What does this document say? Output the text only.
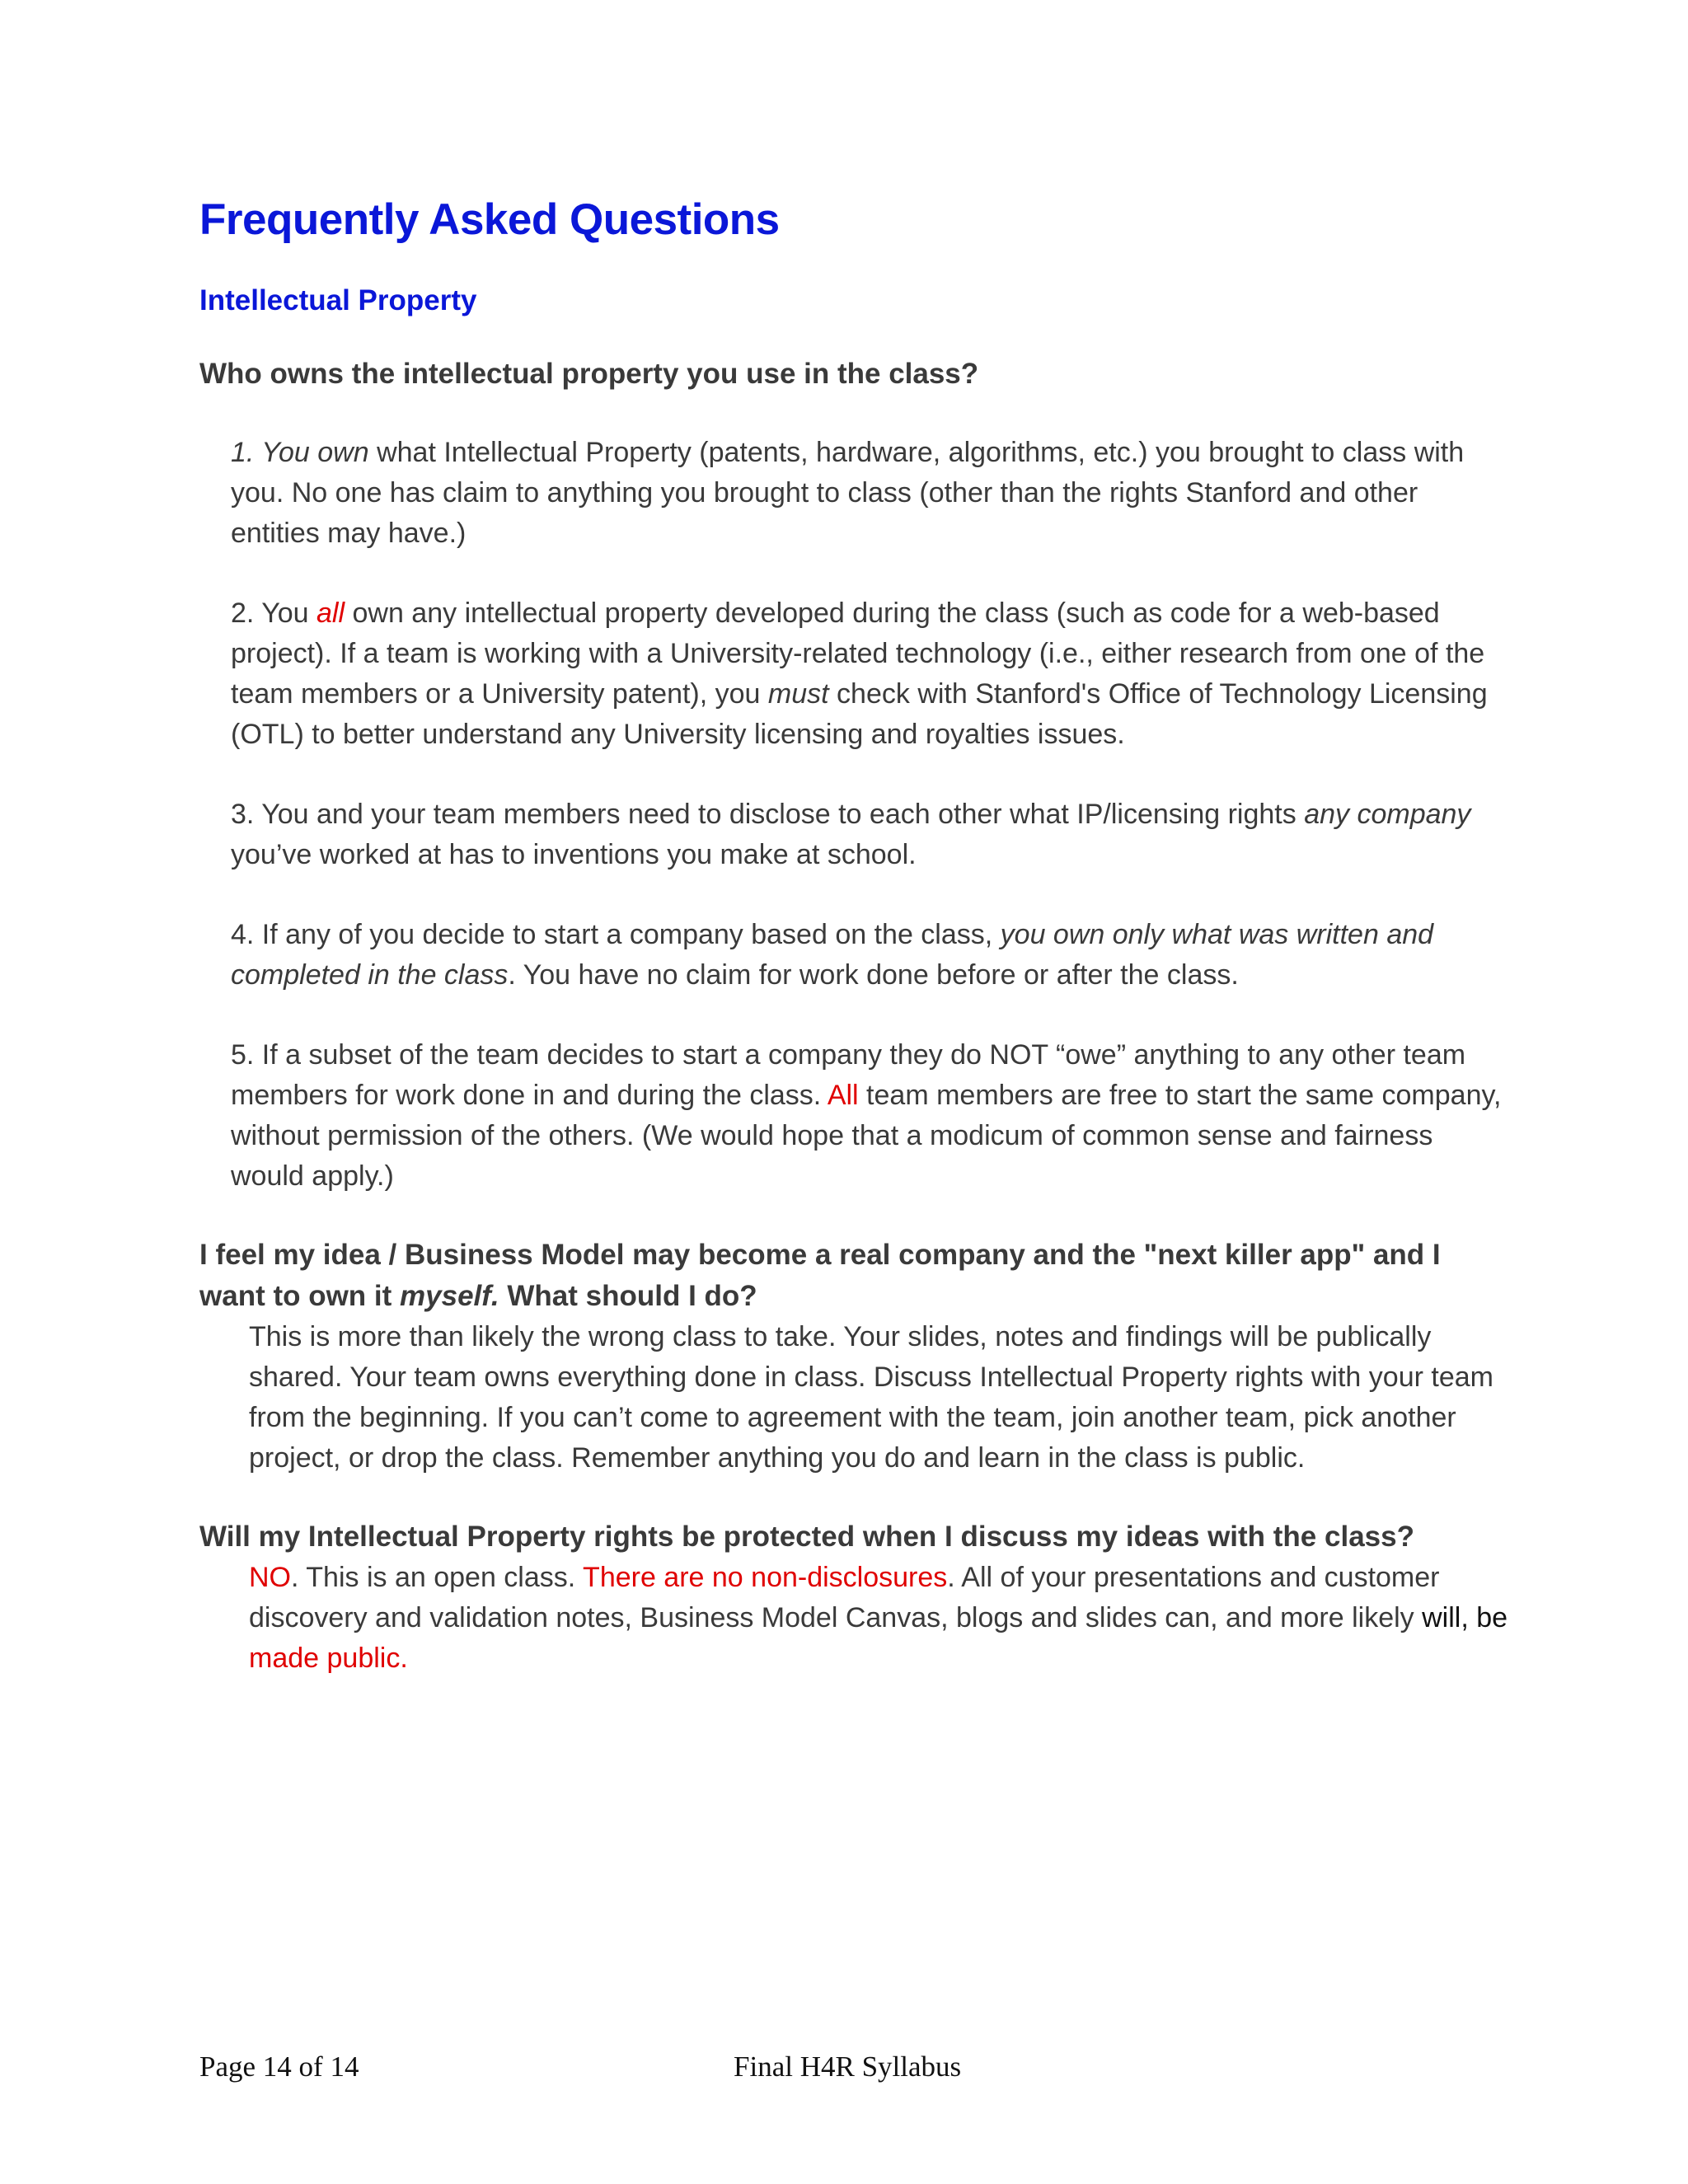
Frequently Asked Questions
Intellectual Property

Who owns the intellectual property you use in the class?

1. You own what Intellectual Property (patents, hardware, algorithms, etc.) you brought to class with you. No one has claim to anything you brought to class (other than the rights Stanford and other entities may have.)

2. You all own any intellectual property developed during the class (such as code for a web-based project). If a team is working with a University-related technology (i.e., either research from one of the team members or a University patent), you must check with Stanford's Office of Technology Licensing (OTL) to better understand any University licensing and royalties issues.

3. You and your team members need to disclose to each other what IP/licensing rights any company you’ve worked at has to inventions you make at school.

4. If any of you decide to start a company based on the class, you own only what was written and completed in the class. You have no claim for work done before or after the class.

5. If a subset of the team decides to start a company they do NOT “owe” anything to any other team members for work done in and during the class. All team members are free to start the same company, without permission of the others. (We would hope that a modicum of common sense and fairness would apply.)

I feel my idea / Business Model may become a real company and the "next killer app" and I want to own it myself. What should I do?

This is more than likely the wrong class to take. Your slides, notes and findings will be publically shared. Your team owns everything done in class. Discuss Intellectual Property rights with your team from the beginning. If you can’t come to agreement with the team, join another team, pick another project, or drop the class. Remember anything you do and learn in the class is public.

Will my Intellectual Property rights be protected when I discuss my ideas with the class?

NO. This is an open class. There are no non-disclosures. All of your presentations and customer discovery and validation notes, Business Model Canvas, blogs and slides can, and more likely will, be made public.

Page 14 of 14	Final H4R Syllabus
